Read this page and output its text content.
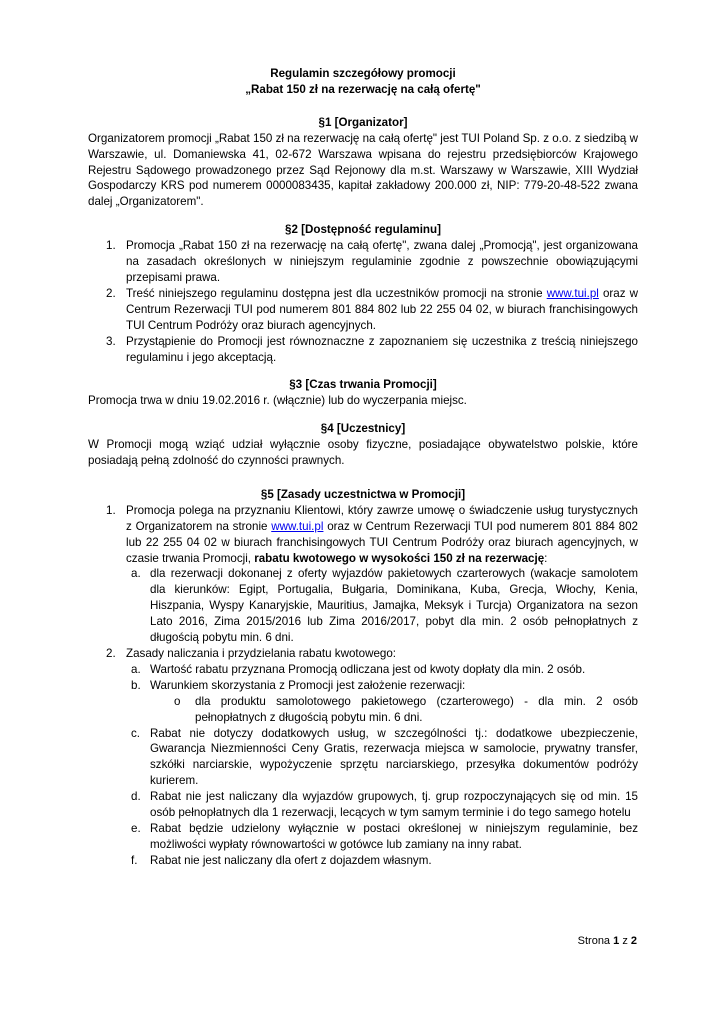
Regulamin szczegółowy promocji

„Rabat 150 zł na rezerwację na całą ofertę"

§1 [Organizator]

Organizatorem promocji „Rabat 150 zł na rezerwację na całą ofertę" jest TUI Poland Sp. z o.o. z siedzibą w Warszawie, ul. Domaniewska 41, 02-672 Warszawa wpisana do rejestru przedsiębiorców Krajowego Rejestru Sądowego prowadzonego przez Sąd Rejonowy dla m.st. Warszawy w Warszawie, XIII Wydział Gospodarczy KRS pod numerem 0000083435, kapitał zakładowy 200.000 zł, NIP: 779-20-48-522 zwana dalej „Organizatorem".

§2 [Dostępność regulaminu]

1. Promocja „Rabat 150 zł na rezerwację na całą ofertę", zwana dalej „Promocją", jest organizowana na zasadach określonych w niniejszym regulaminie zgodnie z powszechnie obowiązującymi przepisami prawa.
2. Treść niniejszego regulaminu dostępna jest dla uczestników promocji na stronie www.tui.pl oraz w Centrum Rezerwacji TUI pod numerem 801 884 802 lub 22 255 04 02, w biurach franchisingowych TUI Centrum Podróży oraz biurach agencyjnych.
3. Przystąpienie do Promocji jest równoznaczne z zapoznaniem się uczestnika z treścią niniejszego regulaminu i jego akceptacją.

§3 [Czas trwania Promocji]

Promocja trwa w dniu 19.02.2016 r. (włącznie) lub do wyczerpania miejsc.

§4 [Uczestnicy]

W Promocji mogą wziąć udział wyłącznie osoby fizyczne, posiadające obywatelstwo polskie, które posiadają pełną zdolność do czynności prawnych.

§5 [Zasady uczestnictwa w Promocji]

1. Promocja polega na przyznaniu Klientowi, który zawrze umowę o świadczenie usług turystycznych z Organizatorem na stronie www.tui.pl oraz w Centrum Rezerwacji TUI pod numerem 801 884 802 lub 22 255 04 02 w biurach franchisingowych TUI Centrum Podróży oraz biurach agencyjnych, w czasie trwania Promocji, rabatu kwotowego w wysokości 150 zł na rezerwację:
a. dla rezerwacji dokonanej z oferty wyjazdów pakietowych czarterowych (wakacje samolotem dla kierunków: Egipt, Portugalia, Bułgaria, Dominikana, Kuba, Grecja, Włochy, Kenia, Hiszpania, Wyspy Kanaryjskie, Mauritius, Jamajka, Meksyk i Turcja) Organizatora na sezon Lato 2016, Zima 2015/2016 lub Zima 2016/2017, pobyt dla min. 2 osób pełnopłatnych z długością pobytu min. 6 dni.
2. Zasady naliczania i przydzielania rabatu kwotowego:
a. Wartość rabatu przyznana Promocją odliczana jest od kwoty dopłaty dla min. 2 osób.
b. Warunkiem skorzystania z Promocji jest założenie rezerwacji:
o dla produktu samolotowego pakietowego (czarterowego) - dla min. 2 osób pełnopłatnych z długością pobytu min. 6 dni.
c. Rabat nie dotyczy dodatkowych usług, w szczególności tj.: dodatkowe ubezpieczenie, Gwarancja Niezmienności Ceny Gratis, rezerwacja miejsca w samolocie, prywatny transfer, szkółki narciarskie, wypożyczenie sprzętu narciarskiego, przesyłka dokumentów podróży kurierem.
d. Rabat nie jest naliczany dla wyjazdów grupowych, tj. grup rozpoczynających się od min. 15 osób pełnopłatnych dla 1 rezerwacji, lecących w tym samym terminie i do tego samego hotelu
e. Rabat będzie udzielony wyłącznie w postaci określonej w niniejszym regulaminie, bez możliwości wypłaty równowartości w gotówce lub zamiany na inny rabat.
f. Rabat nie jest naliczany dla ofert z dojazdem własnym.
Strona 1 z 2
